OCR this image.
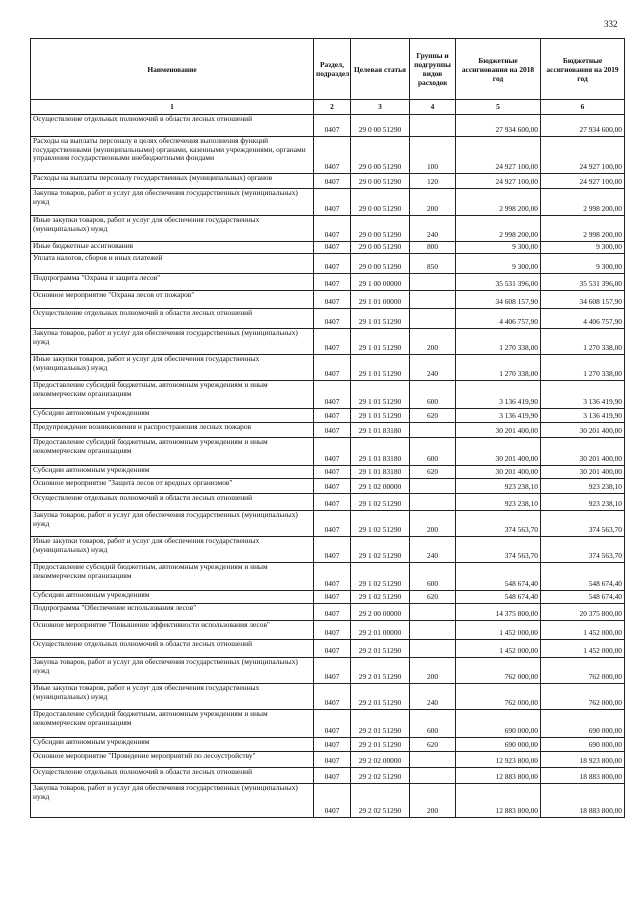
332
Наименование	Раздел, подраздел	Целевая статья	Группы и подгруппы видов расходов	Бюджетные ассигнования на 2018 год	Бюджетные ассигнования на 2019 год
1	2	3	4	5	6
Осуществление отдельных полномочий в области лесных отношений	0407	29 0 00 51290		27 934 600,00	27 934 600,00
Расходы на выплаты персоналу в целях обеспечения выполнения функций государственными (муниципальными) органами, казенными учреждениями, органами управления государственными внебюджетными фондами	0407	29 0 00 51290	100	24 927 100,00	24 927 100,00
Расходы на выплаты персоналу государственных (муниципальных) органов	0407	29 0 00 51290	120	24 927 100,00	24 927 100,00
Закупка товаров, работ и услуг для обеспечения государственных (муниципальных) нужд	0407	29 0 00 51290	200	2 998 200,00	2 998 200,00
Иные закупки товаров, работ и услуг для обеспечения государственных (муниципальных) нужд	0407	29 0 00 51290	240	2 998 200,00	2 998 200,00
Иные бюджетные ассигнования	0407	29 0 00 51290	800	9 300,00	9 300,00
Уплата налогов, сборов и иных платежей	0407	29 0 00 51290	850	9 300,00	9 300,00
Подпрограмма "Охрана и защита лесов"	0407	29 1 00 00000		35 531 396,00	35 531 396,00
Основное мероприятие "Охрана лесов от пожаров"	0407	29 1 01 00000		34 608 157,90	34 608 157,90
Осуществление отдельных полномочий в области лесных отношений	0407	29 1 01 51290		4 406 757,90	4 406 757,90
Закупка товаров, работ и услуг для обеспечения государственных (муниципальных) нужд	0407	29 1 01 51290	200	1 270 338,00	1 270 338,00
Иные закупки товаров, работ и услуг для обеспечения государственных (муниципальных) нужд	0407	29 1 01 51290	240	1 270 338,00	1 270 338,00
Предоставление субсидий бюджетным, автономным учреждениям и иным некоммерческим организациям	0407	29 1 01 51290	600	3 136 419,90	3 136 419,90
Субсидии автономным учреждениям	0407	29 1 01 51290	620	3 136 419,90	3 136 419,90
Предупреждение возникновения и распространения лесных пожаров	0407	29 1 01 83180		30 201 400,00	30 201 400,00
Предоставление субсидий бюджетным, автономным учреждениям и иным некоммерческим организациям	0407	29 1 01 83180	600	30 201 400,00	30 201 400,00
Субсидии автономным учреждениям	0407	29 1 01 83180	620	30 201 400,00	30 201 400,00
Основное мероприятие "Защита лесов от вредных организмов"	0407	29 1 02 00000		923 238,10	923 238,10
Осуществление отдельных полномочий в области лесных отношений	0407	29 1 02 51290		923 238,10	923 238,10
Закупка товаров, работ и услуг для обеспечения государственных (муниципальных) нужд	0407	29 1 02 51290	200	374 563,70	374 563,70
Иные закупки товаров, работ и услуг для обеспечения государственных (муниципальных) нужд	0407	29 1 02 51290	240	374 563,70	374 563,70
Предоставление субсидий бюджетным, автономным учреждениям и иным некоммерческим организациям	0407	29 1 02 51290	600	548 674,40	548 674,40
Субсидии автономным учреждениям	0407	29 1 02 51290	620	548 674,40	548 674,40
Подпрограмма "Обеспечение использования лесов"	0407	29 2 00 00000		14 375 800,00	20 375 800,00
Основное мероприятие "Повышение эффективности использования лесов"	0407	29 2 01 00000		1 452 000,00	1 452 000,00
Осуществление отдельных полномочий в области лесных отношений	0407	29 2 01 51290		1 452 000,00	1 452 000,00
Закупка товаров, работ и услуг для обеспечения государственных (муниципальных) нужд	0407	29 2 01 51290	200	762 000,00	762 000,00
Иные закупки товаров, работ и услуг для обеспечения государственных (муниципальных) нужд	0407	29 2 01 51290	240	762 000,00	762 000,00
Предоставление субсидий бюджетным, автономным учреждениям и иным некоммерческим организациям	0407	29 2 01 51290	600	690 000,00	690 000,00
Субсидии автономным учреждениям	0407	29 2 01 51290	620	690 000,00	690 000,00
Основное мероприятие "Проведение мероприятий по лесоустройству"	0407	29 2 02 00000		12 923 800,00	18 923 800,00
Осуществление отдельных полномочий в области лесных отношений	0407	29 2 02 51290		12 883 800,00	18 883 800,00
Закупка товаров, работ и услуг для обеспечения государственных (муниципальных) нужд	0407	29 2 02 51290	200	12 883 800,00	18 883 800,00
